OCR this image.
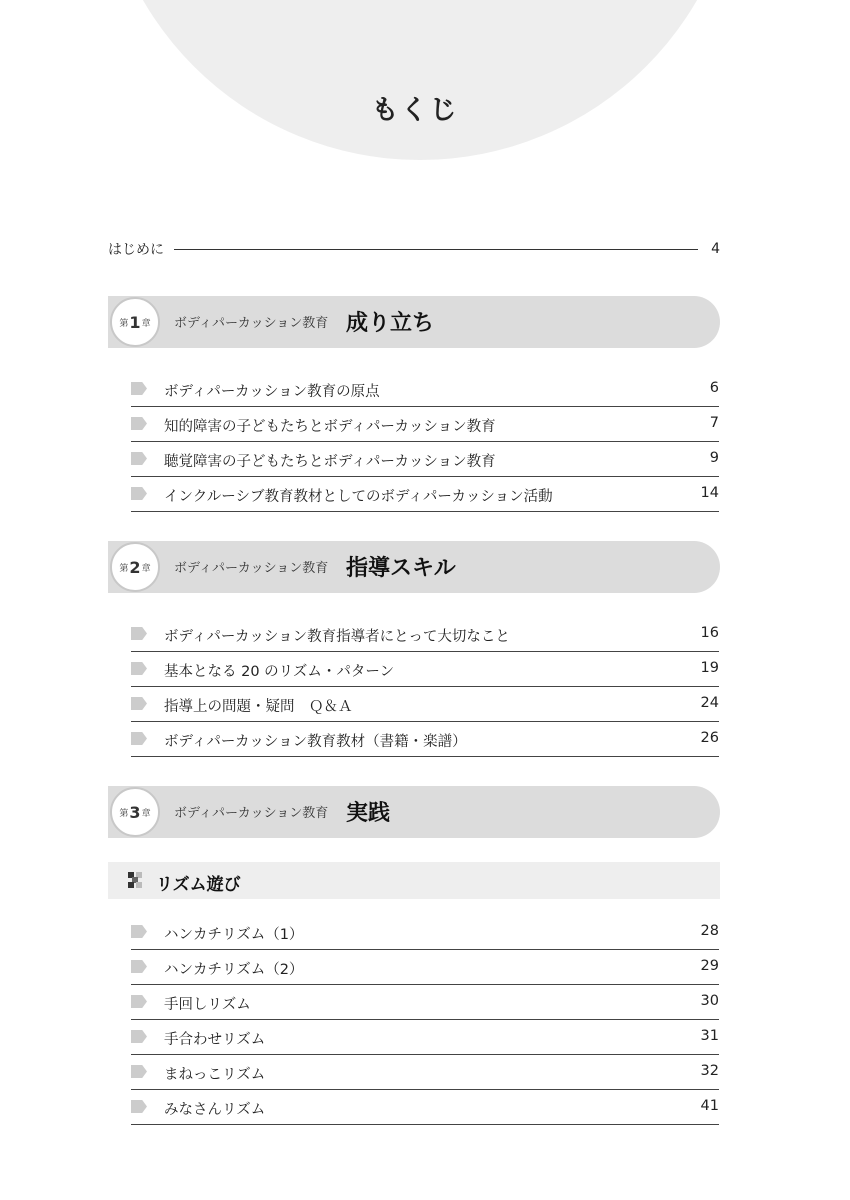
もくじ
はじめに	4
第 1 章 ボディパーカッション教育 成り立ち
ボディパーカッション教育の原点	6
知的障害の子どもたちとボディパーカッション教育	7
聴覚障害の子どもたちとボディパーカッション教育	9
インクルーシブ教育教材としてのボディパーカッション活動	14
第 2 章 ボディパーカッション教育 指導スキル
ボディパーカッション教育指導者にとって大切なこと	16
基本となる 20 のリズム・パターン	19
指導上の問題・疑問　Ｑ＆Ａ	24
ボディパーカッション教育教材（書籍・楽譜）	26
第 3 章 ボディパーカッション教育 実践
リズム遊び
ハンカチリズム（1）	28
ハンカチリズム（2）	29
手回しリズム	30
手合わせリズム	31
まねっこリズム	32
みなさんリズム	41
